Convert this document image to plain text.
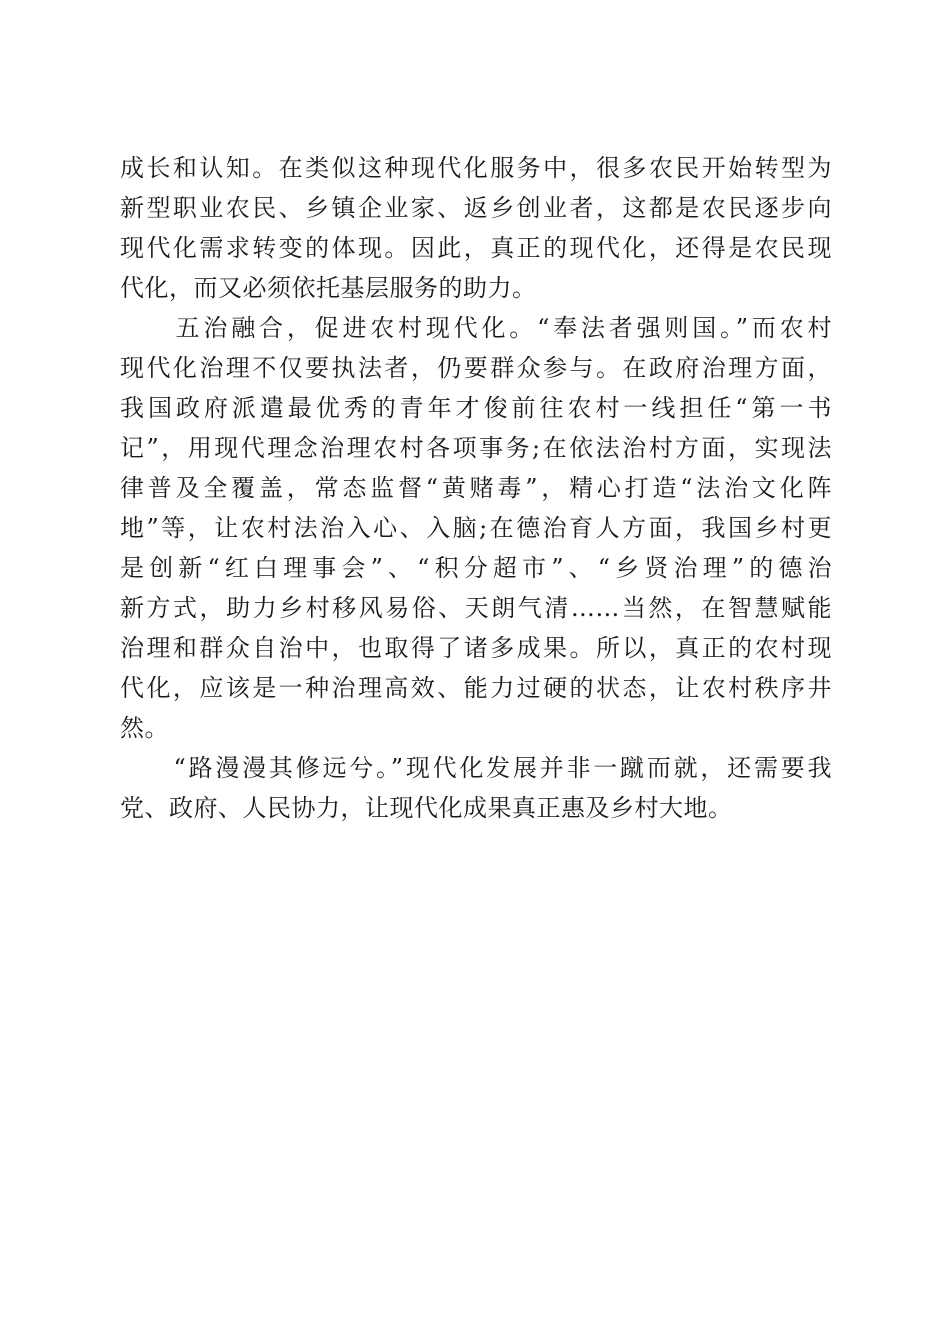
成长和认知。在类似这种现代化服务中，很多农民开始转型为
新型职业农民、乡镇企业家、返乡创业者，这都是农民逐步向
现代化需求转变的体现。因此，真正的现代化，还得是农民现
代化，而又必须依托基层服务的助力。
　　五治融合，促进农村现代化。“奉法者强则国。”而农村
现代化治理不仅要执法者，仍要群众参与。在政府治理方面，
我国政府派遣最优秀的青年才俊前往农村一线担任“第一书
记”，用现代理念治理农村各项事务;在依法治村方面，实现法
律普及全覆盖，常态监督“黄赌毒”，精心打造“法治文化阵
地”等，让农村法治入心、入脑;在德治育人方面，我国乡村更
是创新“红白理事会”、“积分超市”、“乡贤治理”的德治
新方式，助力乡村移风易俗、天朗气清……当然，在智慧赋能
治理和群众自治中，也取得了诸多成果。所以，真正的农村现
代化，应该是一种治理高效、能力过硬的状态，让农村秩序井
然。
　　“路漫漫其修远兮。”现代化发展并非一蹴而就，还需要我
党、政府、人民协力，让现代化成果真正惠及乡村大地。
